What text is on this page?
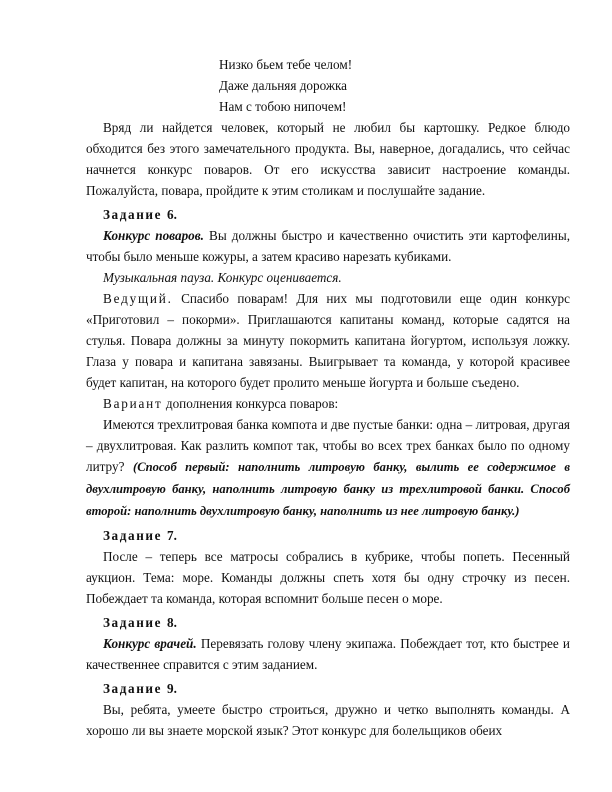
Низко бьем тебе челом!
Даже дальняя дорожка
Нам с тобою нипочем!

Вряд ли найдется человек, который не любил бы картошку. Редкое блюдо обходится без этого замечательного продукта. Вы, наверное, догадались, что сейчас начнется конкурс поваров. От его искусства зависит настроение команды. Пожалуйста, повара, пройдите к этим столикам и послушайте задание.

Задание 6.

Конкурс поваров. Вы должны быстро и качественно очистить эти картофелины, чтобы было меньше кожуры, а затем красиво нарезать кубиками.

Музыкальная пауза. Конкурс оценивается.

Ведущий. Спасибо поварам! Для них мы подготовили еще один конкурс «Приготовил – покорми». Приглашаются капитаны команд, которые садятся на стулья. Повара должны за минуту покормить капитана йогуртом, используя ложку. Глаза у повара и капитана завязаны. Выигрывает та команда, у которой красивее будет капитан, на которого будет пролито меньше йогурта и больше съедено.

Вариант дополнения конкурса поваров:

Имеются трехлитровая банка компота и две пустые банки: одна – литровая, другая – двухлитровая. Как разлить компот так, чтобы во всех трех банках было по одному литру? (Способ первый: наполнить литровую банку, вылить ее содержимое в двухлитровую банку, наполнить литровую банку из трехлитровой банки. Способ второй: наполнить двухлитровую банку, наполнить из нее литровую банку.)

Задание 7.

После – теперь все матросы собрались в кубрике, чтобы попеть. Песенный аукцион. Тема: море. Команды должны спеть хотя бы одну строчку из песен. Побеждает та команда, которая вспомнит больше песен о море.

Задание 8.

Конкурс врачей. Перевязать голову члену экипажа. Побеждает тот, кто быстрее и качественнее справится с этим заданием.

Задание 9.

Вы, ребята, умеете быстро строиться, дружно и четко выполнять команды. А хорошо ли вы знаете морской язык? Этот конкурс для болельщиков обеих
